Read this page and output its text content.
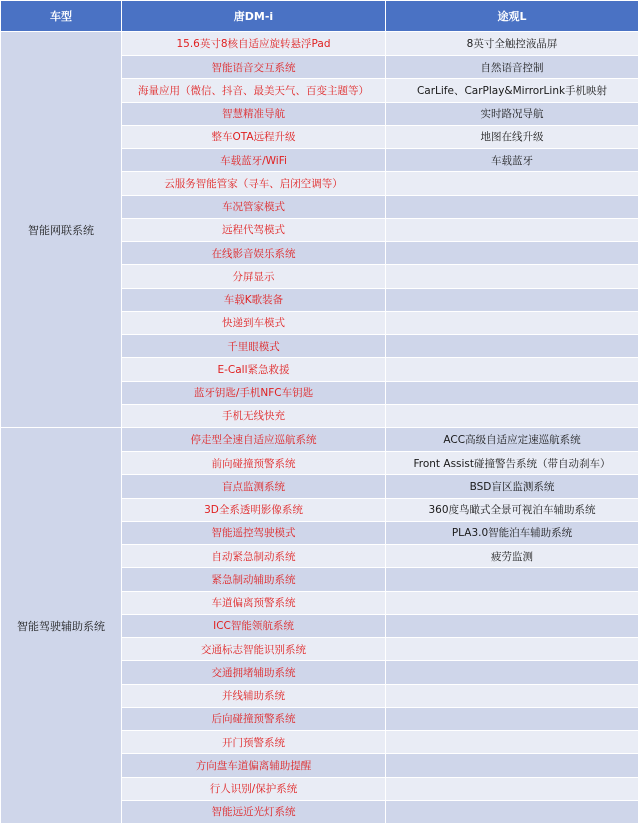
车型	唐DM-i	途观L
智能网联系统	15.6英寸8核自适应旋转悬浮Pad	8英寸全触控液晶屏
	智能语音交互系统	自然语音控制
	海量应用（微信、抖音、最美天气、百变主题等）	CarLife、CarPlay&MirrorLink手机映射
	智慧精准导航	实时路况导航
	整车OTA远程升级	地图在线升级
	车载蓝牙/WiFi	车载蓝牙
	云服务智能管家（寻车、启闭空调等）	
	车况管家模式	
	远程代驾模式	
	在线影音娱乐系统	
	分屏显示	
	车载K歌装备	
	快递到车模式	
	千里眼模式	
	E-Call紧急救援	
	蓝牙钥匙/手机NFC车钥匙	
	手机无线快充	
智能驾驶辅助系统	停走型全速自适应巡航系统	ACC高级自适应定速巡航系统
	前向碰撞预警系统	Front Assist碰撞警告系统（带自动刹车）
	盲点监测系统	BSD盲区监测系统
	3D全系透明影像系统	360度鸟瞰式全景可视泊车辅助系统
	智能遥控驾驶模式	PLA3.0智能泊车辅助系统
	自动紧急制动系统	疲劳监测
	紧急制动辅助系统	
	车道偏离预警系统	
	ICC智能领航系统	
	交通标志智能识别系统	
	交通拥堵辅助系统	
	并线辅助系统	
	后向碰撞预警系统	
	开门预警系统	
	方向盘车道偏离辅助提醒	
	行人识别/保护系统	
	智能远近光灯系统	
